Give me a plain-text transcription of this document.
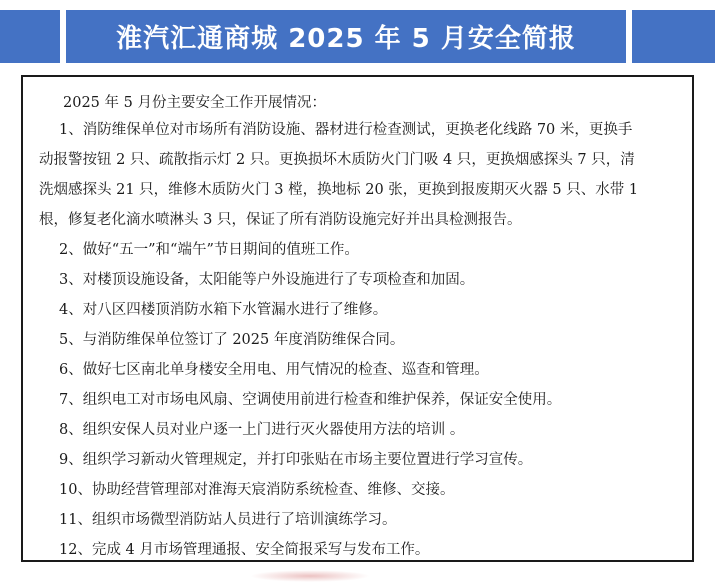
淮汽汇通商城 2025 年 5 月安全简报
2025 年 5 月份主要安全工作开展情况：
1、消防维保单位对市场所有消防设施、器材进行检查测试，更换老化线路 70 米，更换手
动报警按钮 2 只、疏散指示灯 2 只。更换损坏木质防火门门吸 4 只，更换烟感探头 7 只，清
洗烟感探头 21 只，维修木质防火门 3 樘，换地标 20 张，更换到报废期灭火器 5 只、水带 1
根，修复老化滴水喷淋头 3 只，保证了所有消防设施完好并出具检测报告。
2、做好“五一”和“端午”节日期间的值班工作。
3、对楼顶设施设备，太阳能等户外设施进行了专项检查和加固。
4、对八区四楼顶消防水箱下水管漏水进行了维修。
5、与消防维保单位签订了 2025 年度消防维保合同。
6、做好七区南北单身楼安全用电、用气情况的检查、巡查和管理。
7、组织电工对市场电风扇、空调使用前进行检查和维护保养，保证安全使用。
8、组织安保人员对业户逐一上门进行灭火器使用方法的培训 。
9、组织学习新动火管理规定，并打印张贴在市场主要位置进行学习宣传。
10、协助经营管理部对淮海天宸消防系统检查、维修、交接。
11、组织市场微型消防站人员进行了培训演练学习。
12、完成 4 月市场管理通报、安全简报采写与发布工作。
